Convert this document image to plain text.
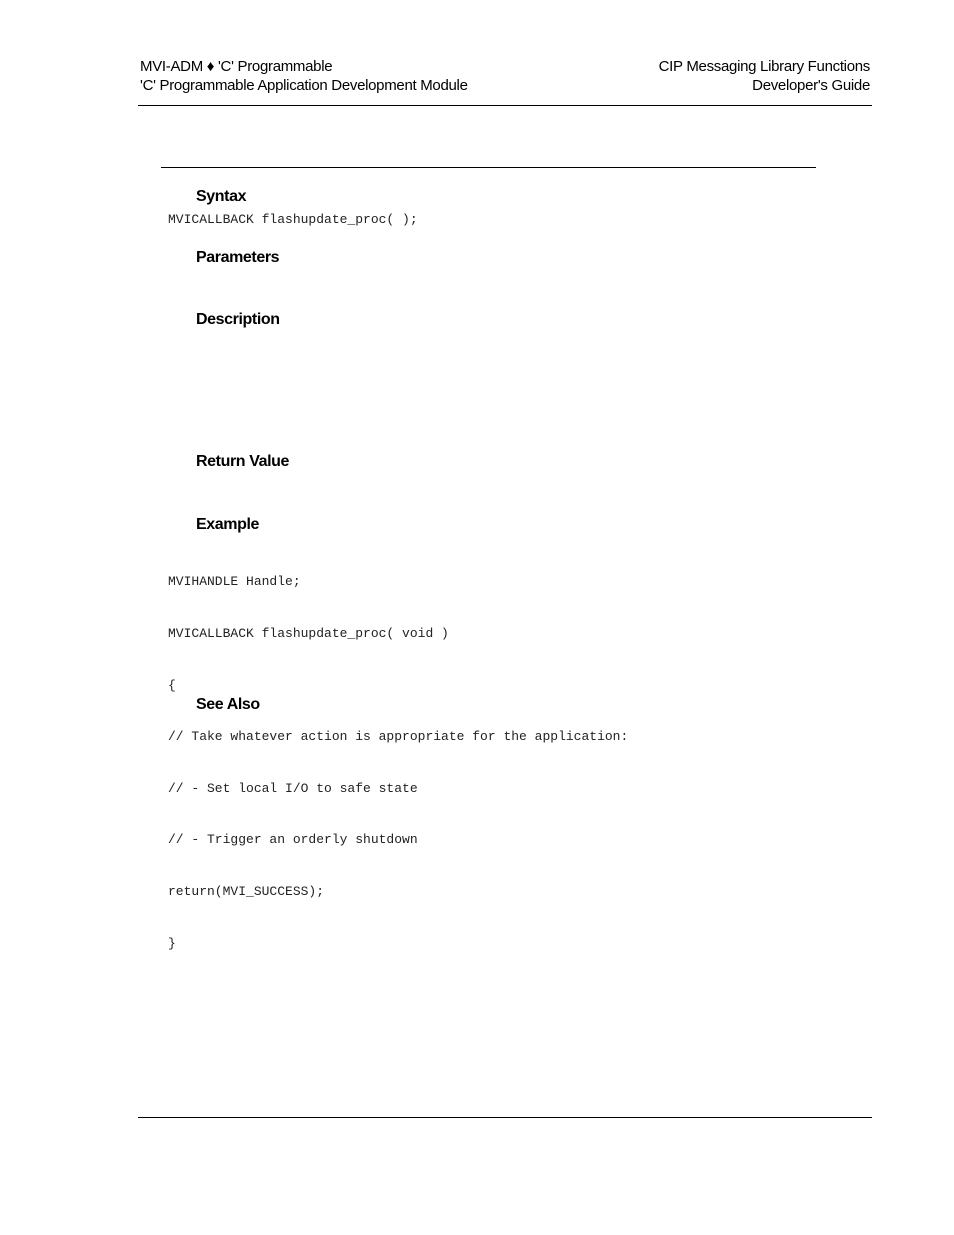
MVI-ADM ♦ 'C' Programmable
'C' Programmable Application Development Module
CIP Messaging Library Functions
Developer's Guide
Syntax
MVICALLBACK flashupdate_proc( );
Parameters
Description
Return Value
Example

MVIHANDLE Handle;

MVICALLBACK flashupdate_proc( void )

{

// Take whatever action is appropriate for the application:

// - Set local I/O to safe state

// - Trigger an orderly shutdown

return(MVI_SUCCESS);

}

See Also
